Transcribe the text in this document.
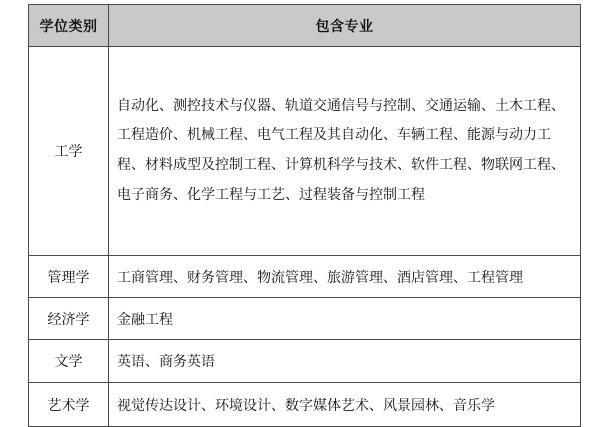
学位类别	包含专业
工学	自动化、测控技术与仪器、轨道交通信号与控制、交通运输、土木工程、工程造价、机械工程、电气工程及其自动化、车辆工程、能源与动力工程、材料成型及控制工程、计算机科学与技术、软件工程、物联网工程、电子商务、化学工程与工艺、过程装备与控制工程
管理学	工商管理、财务管理、物流管理、旅游管理、酒店管理、工程管理
经济学	金融工程
文学	英语、商务英语
艺术学	视觉传达设计、环境设计、数字媒体艺术、风景园林、音乐学
